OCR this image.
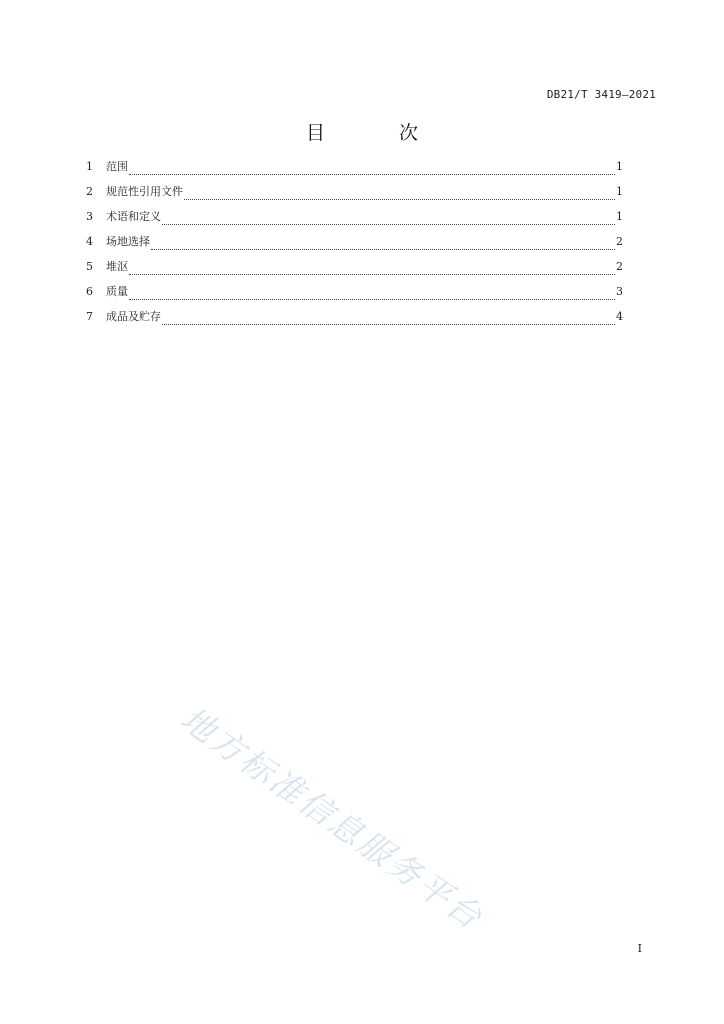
DB21/T 3419—2021
目 次
1	范围	1
2	规范性引用文件	1
3	术语和定义	1
4	场地选择	2
5	堆沤	2
6	质量	3
7	成品及贮存	4
地方标准信息服务平台
I
